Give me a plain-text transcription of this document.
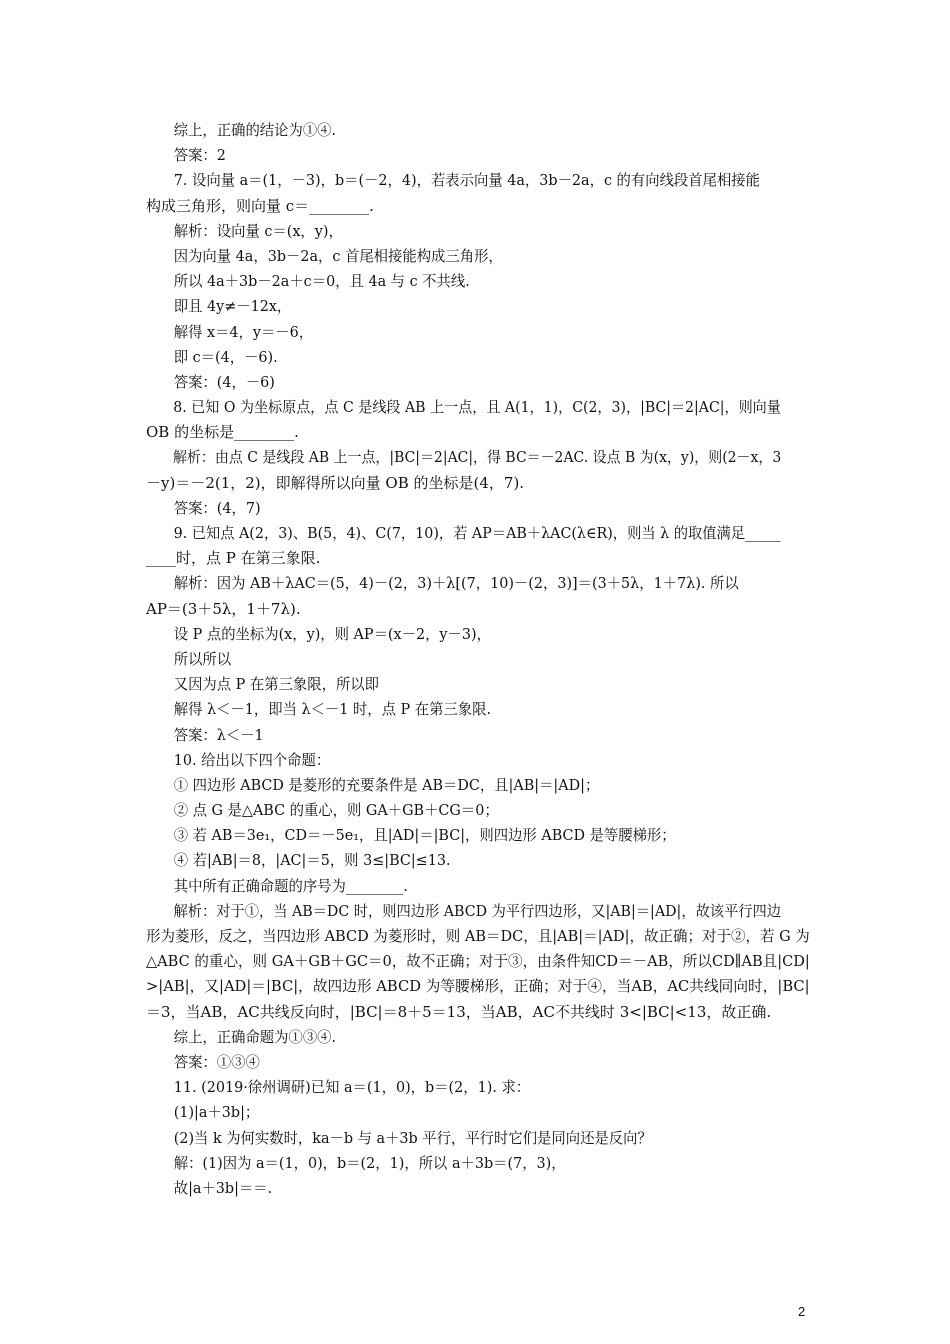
综上，正确的结论为①④.
答案：2
7. 设向量 a＝(1，－3)，b＝(－2，4)，若表示向量 4a，3b－2a，c 的有向线段首尾相接能
构成三角形，则向量 c＝________.
解析：设向量 c＝(x，y)，
因为向量 4a，3b－2a，c 首尾相接能构成三角形，
所以 4a＋3b－2a＋c＝0，且 4a 与 c 不共线.
即且 4y≠－12x，
解得 x＝4，y＝－6，
即 c＝(4，－6).
答案：(4，－6)
8. 已知 O 为坐标原点，点 C 是线段 AB 上一点，且 A(1，1)，C(2，3)，|BC|＝2|AC|，则向量
OB 的坐标是________.
解析：由点 C 是线段 AB 上一点，|BC|＝2|AC|，得 BC＝－2AC. 设点 B 为(x，y)，则(2－x，3
－y)＝－2(1，2)，即解得所以向量 OB 的坐标是(4，7).
答案：(4，7)
9. 已知点 A(2，3)、B(5，4)、C(7，10)，若 AP＝AB＋λAC(λ∈R)，则当 λ 的取值满足_____
____时，点 P 在第三象限.
解析：因为 AB＋λAC＝(5，4)－(2，3)＋λ[(7，10)－(2，3)]＝(3＋5λ，1＋7λ). 所以
AP＝(3＋5λ，1＋7λ).
设 P 点的坐标为(x，y)，则 AP＝(x－2，y－3)，
所以所以
又因为点 P 在第三象限，所以即
解得 λ＜－1，即当 λ＜－1 时，点 P 在第三象限.
答案：λ＜－1
10. 给出以下四个命题：
① 四边形 ABCD 是菱形的充要条件是 AB＝DC，且|AB|＝|AD|；
② 点 G 是△ABC 的重心，则 GA＋GB＋CG＝0；
③ 若 AB＝3e₁，CD＝－5e₁，且|AD|＝|BC|，则四边形 ABCD 是等腰梯形；
④ 若|AB|＝8，|AC|＝5，则 3≤|BC|≤13.
其中所有正确命题的序号为________.
解析：对于①，当 AB＝DC 时，则四边形 ABCD 为平行四边形，又|AB|＝|AD|，故该平行四边
形为菱形，反之，当四边形 ABCD 为菱形时，则 AB＝DC，且|AB|＝|AD|，故正确；对于②，若 G 为
△ABC 的重心，则 GA＋GB＋GC＝0，故不正确；对于③，由条件知CD＝－AB，所以CD∥AB且|CD|
>|AB|，又|AD|＝|BC|，故四边形 ABCD 为等腰梯形，正确；对于④，当AB，AC共线同向时，|BC|
＝3，当AB，AC共线反向时，|BC|＝8＋5＝13，当AB，AC不共线时 3<|BC|<13，故正确.
综上，正确命题为①③④.
答案：①③④
11. (2019·徐州调研)已知 a＝(1，0)，b＝(2，1). 求：
(1)|a＋3b|；
(2)当 k 为何实数时，ka－b 与 a＋3b 平行，平行时它们是同向还是反向？
解：(1)因为 a＝(1，0)，b＝(2，1)，所以 a＋3b＝(7，3)，
故|a＋3b|＝＝.
2
